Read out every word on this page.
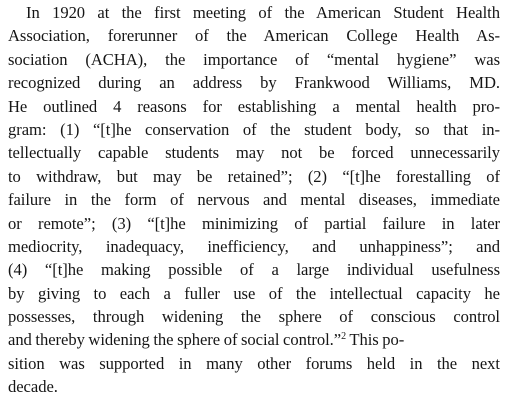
In 1920 at the first meeting of the American Student Health
Association, forerunner of the American College Health As-
sociation (ACHA), the importance of “mental hygiene” was
recognized during an address by Frankwood Williams, MD.
He outlined 4 reasons for establishing a mental health pro-
gram: (1) “[t]he conservation of the student body, so that in-
tellectually capable students may not be forced unnecessarily
to withdraw, but may be retained”; (2) “[t]he forestalling of
failure in the form of nervous and mental diseases, immediate
or remote”; (3) “[t]he minimizing of partial failure in later
mediocrity, inadequacy, inefficiency, and unhappiness”; and
(4) “[t]he making possible of a large individual usefulness
by giving to each a fuller use of the intellectual capacity he
possesses, through widening the sphere of conscious control
and thereby widening the sphere of social control.”$^2$ This po-
sition was supported in many other forums held in the next
decade.
